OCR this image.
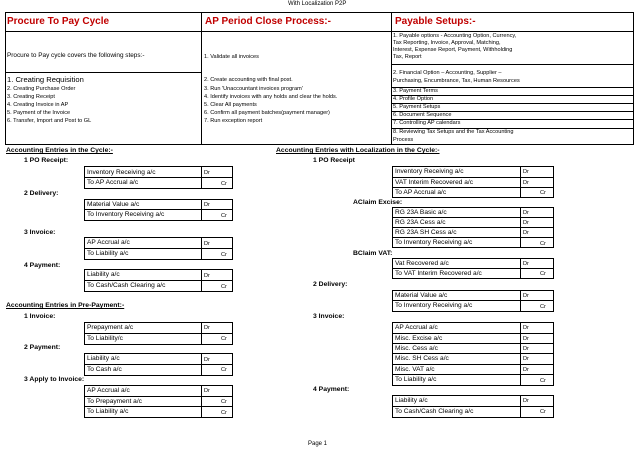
With Localization P2P
Procure To Pay Cycle	AP Period Close Process:-	Payable Setups:-
Procure to Pay cycle covers the following steps:-
1. Creating Requisition
2. Creating Purchase Order
3. Creating Receipt
4. Creating Invoice in AP
5. Payment of the Invoice
6. Transfer, Import and Post to GL
1. Validate all invoices
2. Create accounting with final post.
3. Run 'Unaccountant invoices program'
4. Identify invoices with any holds and clear the holds.
5. Clear All payments
6. Confirm all payment batches(payment manager)
7. Run exception report
1. Payable options - Accounting Option, Currency,
Tax Reporting, Invoice, Approval, Matching,
Interest, Expense Report, Payment, Withholding
Tax, Report
2. Financial Option – Accounting, Supplier –
Purchasing, Encumbrance, Tax, Human Resources
3. Payment Terms
4. Profile Option
5. Payment Setups
6. Document Sequence
7. Controlling AP calendars
8. Reviewing Tax Setups and the Tax Accounting
Process
Accounting Entries in the Cycle:-
1 PO Receipt:
Inventory Receiving a/c
To AP Accrual a/c
Dr
Cr
2 Delivery:
Material Value a/c
To Inventory Receiving a/c
Dr
Cr
3 Invoice:
AP Accrual a/c
To Liability a/c
Dr
Cr
4 Payment:
Liability a/c
To Cash/Cash Clearing a/c
Dr
Cr
Accounting Entries in Pre-Payment:-
1 Invoice:
Prepayment a/c
To Liability/c
Dr
Cr
2 Payment:
Liability a/c
To Cash a/c
Dr
Cr
3 Apply to Invoice:
AP Accrual a/c
To Prepayment a/c
To Liability a/c
Dr
Cr
Cr
Accounting Entries with Localization in the Cycle:-
1 PO Receipt
Inventory Receiving a/c
VAT Interim Recovered a/c
To AP Accrual a/c
Dr
Dr
Cr
AClaim Excise:
RG 23A Basic a/c
RG 23A Cess a/c
RG 23A SH Cess a/c
To Inventory Receiving a/c
Dr
Dr
Dr
Cr
BClaim VAT:
Vat Recovered a/c
To VAT Interim Recovered a/c
Dr
Cr
2 Delivery:
Material Value a/c
To Inventory Receiving a/c
Dr
Cr
3 Invoice:
AP Accrual a/c
Misc. Excise a/c
Misc. Cess a/c
Misc. SH Cess a/c
Misc. VAT a/c
To Liability a/c
Dr
Dr
Dr
Dr
Dr
Cr
4 Payment:
Liability a/c
To Cash/Cash Clearing a/c
Dr
Cr
Page 1
